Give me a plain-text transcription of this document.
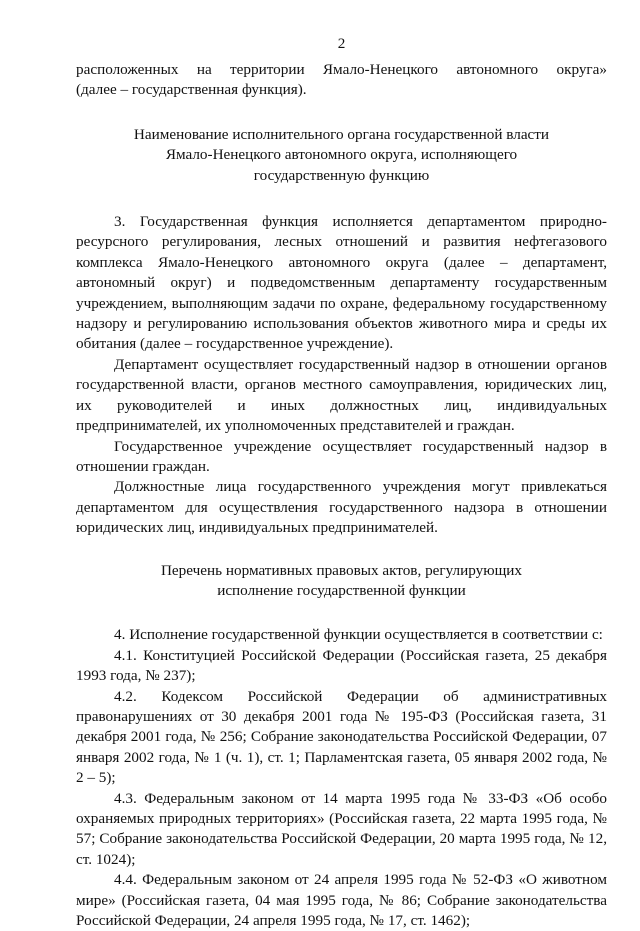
2

расположенных на территории Ямало-Ненецкого автономного округа»

(далее – государственная функция).

Наименование исполнительного органа государственной власти

Ямало-Ненецкого автономного округа, исполняющего

государственную функцию

3. Государственная функция исполняется департаментом природно-ресурсного регулирования, лесных отношений и развития нефтегазового комплекса Ямало-Ненецкого автономного округа (далее – департамент, автономный округ) и подведомственным департаменту государственным учреждением, выполняющим задачи по охране, федеральному государственному надзору и регулированию использования объектов животного мира и среды их обитания (далее – государственное учреждение).

Департамент осуществляет государственный надзор в отношении органов государственной власти, органов местного самоуправления, юридических лиц, их руководителей и иных должностных лиц, индивидуальных предпринимателей, их уполномоченных представителей и граждан.

Государственное учреждение осуществляет государственный надзор в отношении граждан.

Должностные лица государственного учреждения могут привлекаться департаментом для осуществления государственного надзора в отношении юридических лиц, индивидуальных предпринимателей.

Перечень нормативных правовых актов, регулирующих

исполнение государственной функции

4. Исполнение государственной функции осуществляется в соответствии с:

4.1. Конституцией Российской Федерации (Российская газета, 25 декабря 1993 года, № 237);

4.2. Кодексом Российской Федерации об административных правонарушениях от 30 декабря 2001 года № 195-ФЗ (Российская газета, 31 декабря 2001 года, № 256; Собрание законодательства Российской Федерации, 07 января 2002 года, № 1 (ч. 1), ст. 1; Парламентская газета, 05 января 2002 года, № 2 – 5);

4.3. Федеральным законом от 14 марта 1995 года № 33-ФЗ «Об особо охраняемых природных территориях» (Российская газета, 22 марта 1995 года, № 57; Собрание законодательства Российской Федерации, 20 марта 1995 года, № 12, ст. 1024);

4.4. Федеральным законом от 24 апреля 1995 года № 52-ФЗ «О животном мире» (Российская газета, 04 мая 1995 года, № 86; Собрание законодательства Российской Федерации, 24 апреля 1995 года, № 17, ст. 1462);
